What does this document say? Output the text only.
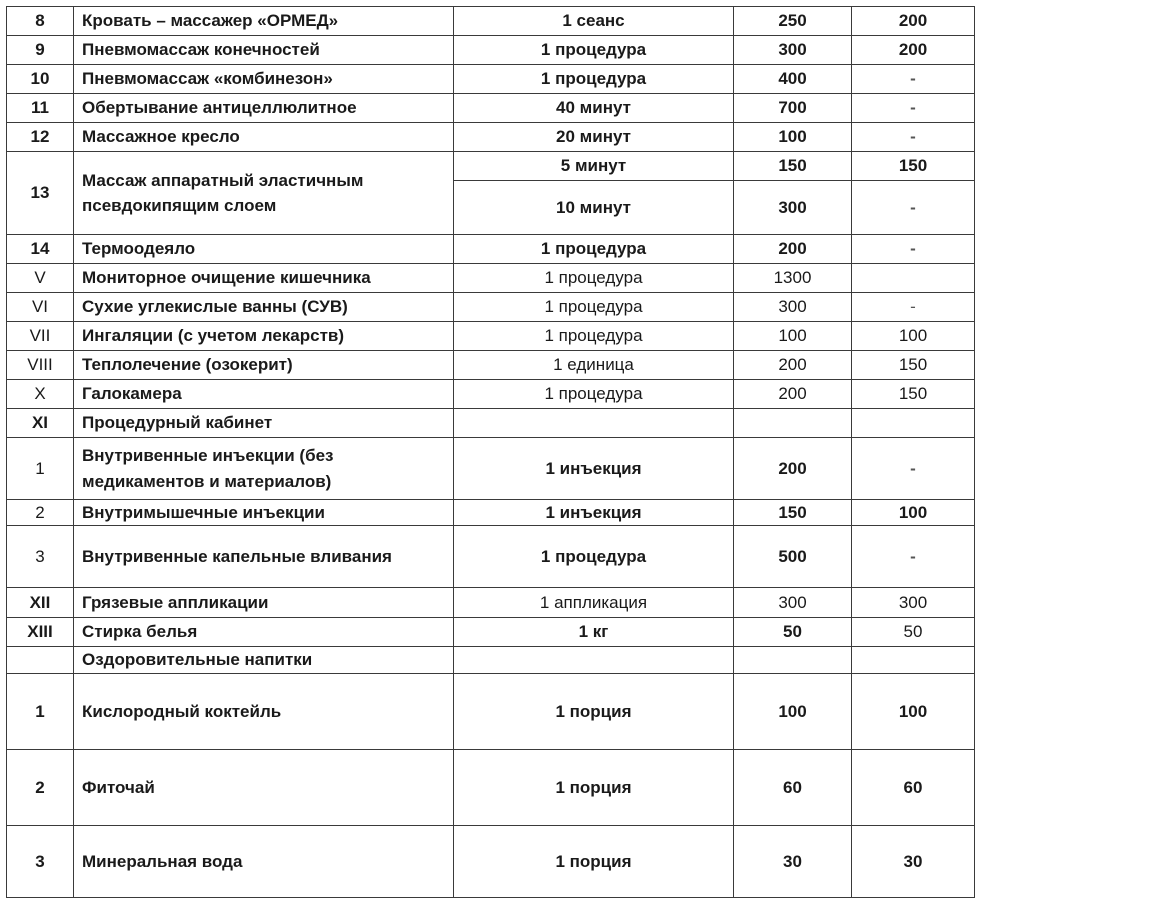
8	Кровать – массажер «ОРМЕД»	1 сеанс	250	200
9	Пневмомассаж конечностей	1 процедура	300	200
10	Пневмомассаж «комбинезон»	1 процедура	400	-
11	Обертывание антицеллюлитное	40 минут	700	-
12	Массажное кресло	20 минут	100	-
13	Массаж аппаратный эластичным псевдокипящим слоем	5 минут	150	150
		10 минут	300	-
14	Термоодеяло	1 процедура	200	-
V	Мониторное очищение кишечника	1 процедура	1300	
VI	Сухие углекислые ванны (СУВ)	1 процедура	300	-
VII	Ингаляции (с учетом лекарств)	1 процедура	100	100
VIII	Теплолечение (озокерит)	1 единица	200	150
X	Галокамера	1 процедура	200	150
XI	Процедурный кабинет			
1	Внутривенные инъекции (без медикаментов и материалов)	1 инъекция	200	-
2	Внутримышечные инъекции	1 инъекция	150	100
3	Внутривенные капельные вливания	1 процедура	500	-
XII	Грязевые аппликации	1 аппликация	300	300
XIII	Стирка белья	1 кг	50	50
	Оздоровительные напитки			
1	Кислородный коктейль	1 порция	100	100
2	Фиточай	1 порция	60	60
3	Минеральная вода	1 порция	30	30
